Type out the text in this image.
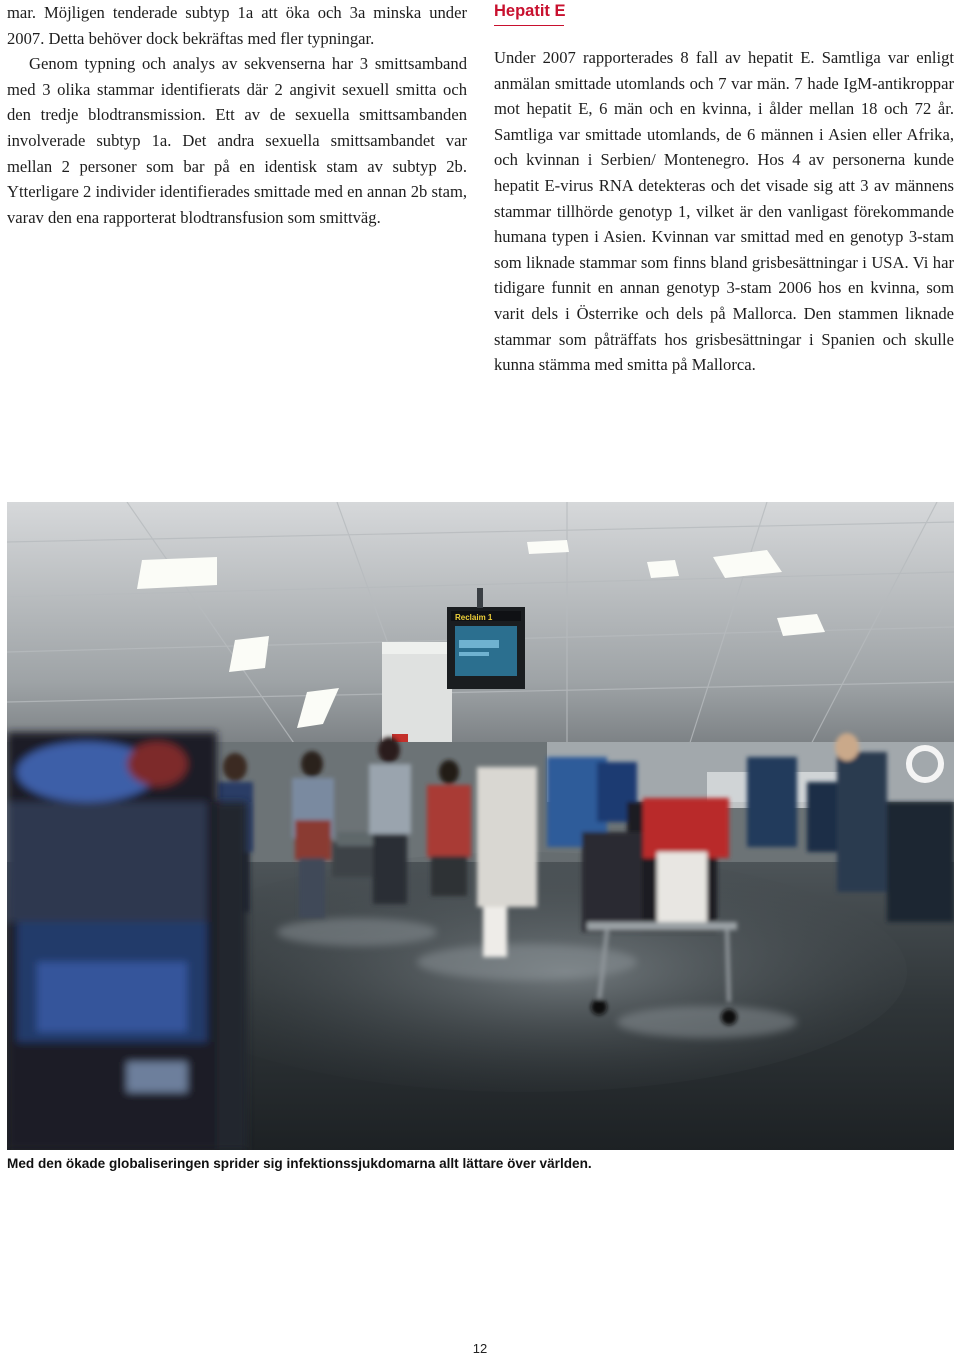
mar. Möjligen tenderade subtyp 1a att öka och 3a minska under 2007. Detta behöver dock bekräftas med fler typningar.

Genom typning och analys av sekvenserna har 3 smittsamband med 3 olika stammar identifierats där 2 angivit sexuell smitta och den tredje blodtransmission. Ett av de sexuella smittsambanden involverade subtyp 1a. Det andra sexuella smittsambandet var mellan 2 personer som bar på en identisk stam av subtyp 2b. Ytterligare 2 individer identifierades smittade med en annan 2b stam, varav den ena rapporterat blodtransfusion som smittväg.

Hepatit E

Under 2007 rapporterades 8 fall av hepatit E. Samtliga var enligt anmälan smittade utomlands och 7 var män. 7 hade IgM-antikroppar mot hepatit E, 6 män och en kvinna, i ålder mellan 18 och 72 år. Samtliga var smittade utomlands, de 6 männen i Asien eller Afrika, och kvinnan i Serbien/ Montenegro. Hos 4 av personerna kunde hepatit E-virus RNA detekteras och det visade sig att 3 av männens stammar tillhörde genotyp 1, vilket är den vanligast förekommande humana typen i Asien. Kvinnan var smittad med en genotyp 3-stam som liknade stammar som finns bland grisbesättningar i USA. Vi har tidigare funnit en annan genotyp 3-stam 2006 hos en kvinna, som varit dels i Österrike och dels på Mallorca. Den stammen liknade stammar som påträffats hos grisbesättningar i Spanien och skulle kunna stämma med smitta på Mallorca.

Reclaim 1
Med den ökade globaliseringen sprider sig infektionssjukdomarna allt lättare över världen.
12
